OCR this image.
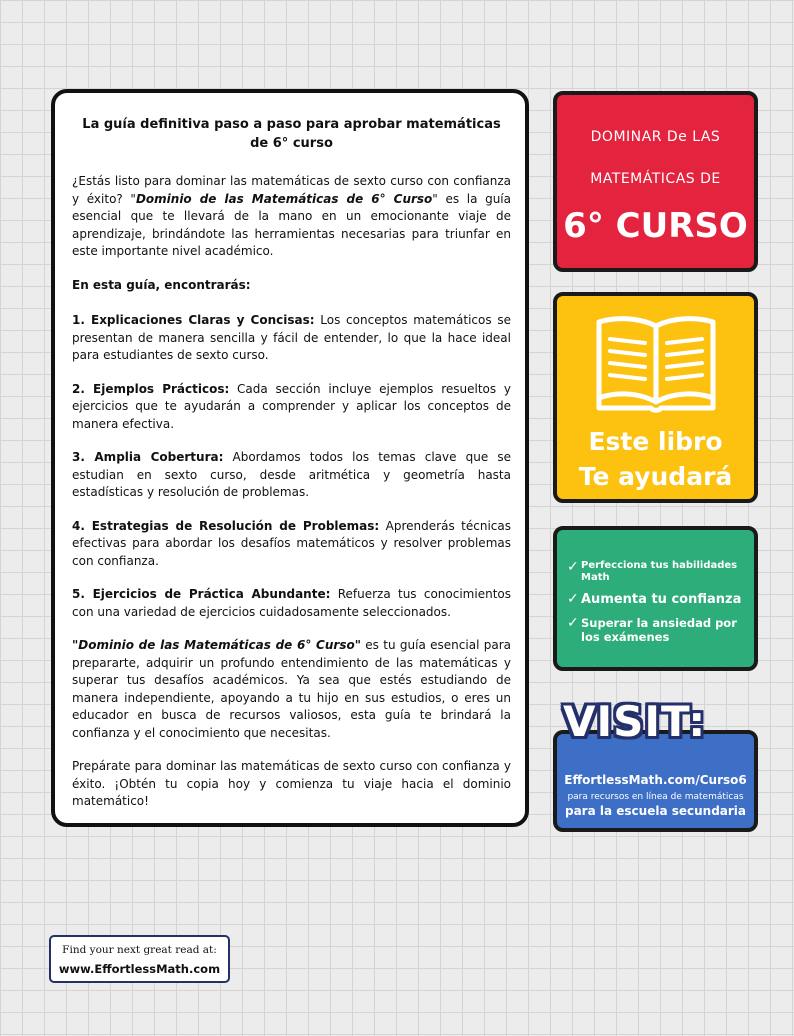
La guía definitiva paso a paso para aprobar matemáticas
de 6° curso

¿Estás listo para dominar las matemáticas de sexto curso con confianza y éxito? "Dominio de las Matemáticas de 6° Curso" es la guía esencial que te llevará de la mano en un emocionante viaje de aprendizaje, brindándote las herramientas necesarias para triunfar en este importante nivel académico.

En esta guía, encontrarás:

1. Explicaciones Claras y Concisas: Los conceptos matemáticos se presentan de manera sencilla y fácil de entender, lo que la hace ideal para estudiantes de sexto curso.

2. Ejemplos Prácticos: Cada sección incluye ejemplos resueltos y ejercicios que te ayudarán a comprender y aplicar los conceptos de manera efectiva.

3. Amplia Cobertura: Abordamos todos los temas clave que se estudian en sexto curso, desde aritmética y geometría hasta estadísticas y resolución de problemas.

4. Estrategias de Resolución de Problemas: Aprenderás técnicas efectivas para abordar los desafíos matemáticos y resolver problemas con confianza.

5. Ejercicios de Práctica Abundante: Refuerza tus conocimientos con una variedad de ejercicios cuidadosamente seleccionados.

"Dominio de las Matemáticas de 6° Curso" es tu guía esencial para prepararte, adquirir un profundo entendimiento de las matemáticas y superar tus desafíos académicos. Ya sea que estés estudiando de manera independiente, apoyando a tu hijo en sus estudios, o eres un educador en busca de recursos valiosos, esta guía te brindará la confianza y el conocimiento que necesitas.

Prepárate para dominar las matemáticas de sexto curso con confianza y éxito. ¡Obtén tu copia hoy y comienza tu viaje hacia el dominio matemático!

DOMINAR De LAS
MATEMÁTICAS DE
6° CURSO
Este libro
Te ayudará
✓ Perfecciona tus habilidades Math
✓ Aumenta tu confianza
✓ Superar la ansiedad por los exámenes
VISIT:
EffortlessMath.com/Curso6
para recursos en línea de matemáticas
para la escuela secundaria
Find your next great read at:
www.EffortlessMath.com
